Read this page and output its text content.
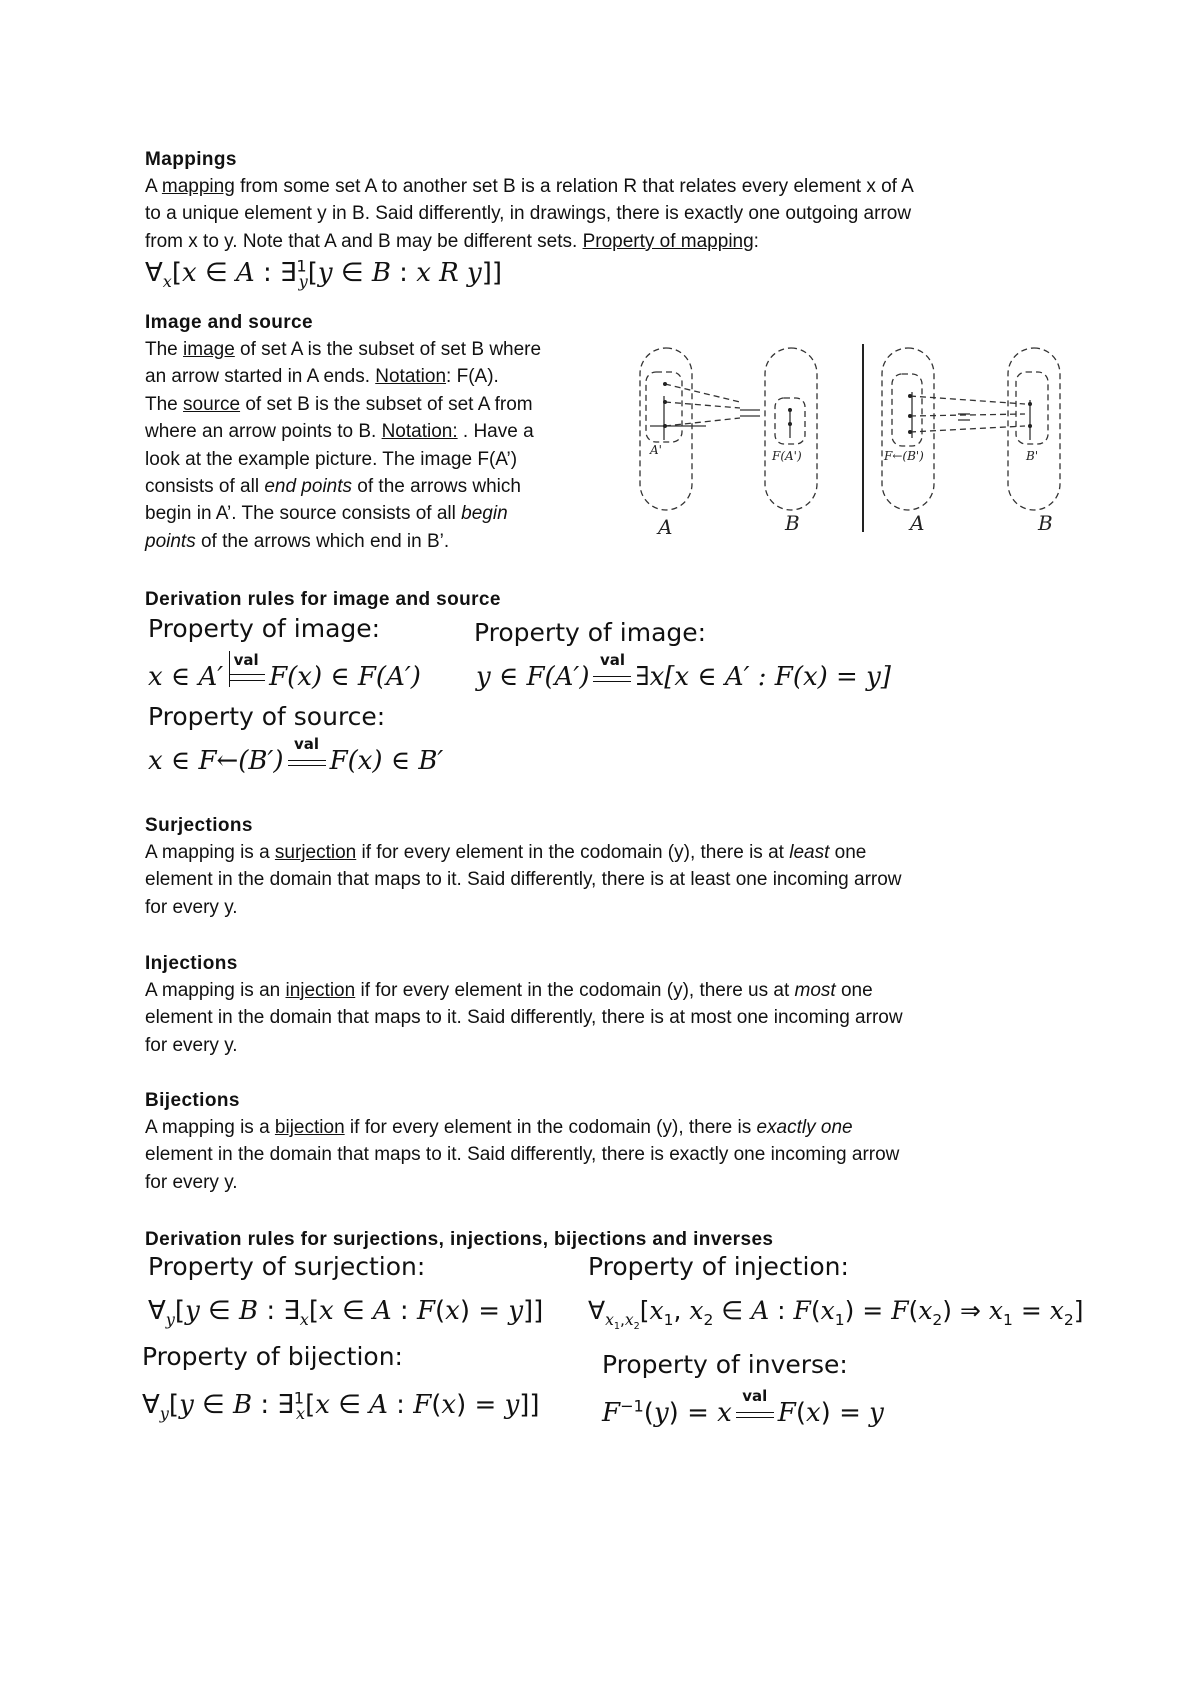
Mappings

A mapping from some set A to another set B is a relation R that relates every element x of A

to a unique element y in B. Said differently, in drawings, there is exactly one outgoing arrow

from x to y. Note that A and B may be different sets. Property of mapping:

$\forall_x[x$ ∈ A : ∃$^1_y$[y ∈ B : x R y]]
Image and source

The image of set A is the subset of set B where

an arrow started in A ends. Notation: F(A).

The source of set B is the subset of set A from

where an arrow points to B. Notation: . Have a

look at the example picture. The image F(A’)

consists of all end points of the arrows which

begin in A’. The source consists of all begin

points of the arrows which end in B’.

A'	F(A')	F←(B')	B'
A	B	A	B
Derivation rules for image and source
Property of image:	Property of image:
x ∈ A′
val
F(x) ∈ F(A′) y ∈ F(A′)
val
∃x[x ∈ A′ : F(x) = y]
Property of source:
x ∈ F←(B′)
val
F(x) ∈ B′
Surjections

A mapping is a surjection if for every element in the codomain (y), there is at least one

element in the domain that maps to it. Said differently, there is at least one incoming arrow

for every y.

Injections

A mapping is an injection if for every element in the codomain (y), there us at most one

element in the domain that maps to it. Said differently, there is at most one incoming arrow

for every y.

Bijections

A mapping is a bijection if for every element in the codomain (y), there is exactly one

element in the domain that maps to it. Said differently, there is exactly one incoming arrow

for every y.

Derivation rules for surjections, injections, bijections and inverses
Property of surjection:	Property of injection:
$\forall_y[y$ ∈ B : $\exists_x[x$ ∈ A : F(x) = y]] $\forall_{x_1,x_2}[x_1$, $x_2$ ∈ A : $F(x_1) = F(x_2)$ ⇒ $x_1 = x_2$]
Property of bijection:	Property of inverse:
$\forall_y[y$ ∈ B : ∃$^1_x$[x ∈ A : F(x) = y]] $F^{-1}(y) = x$
val
F(x) = y
